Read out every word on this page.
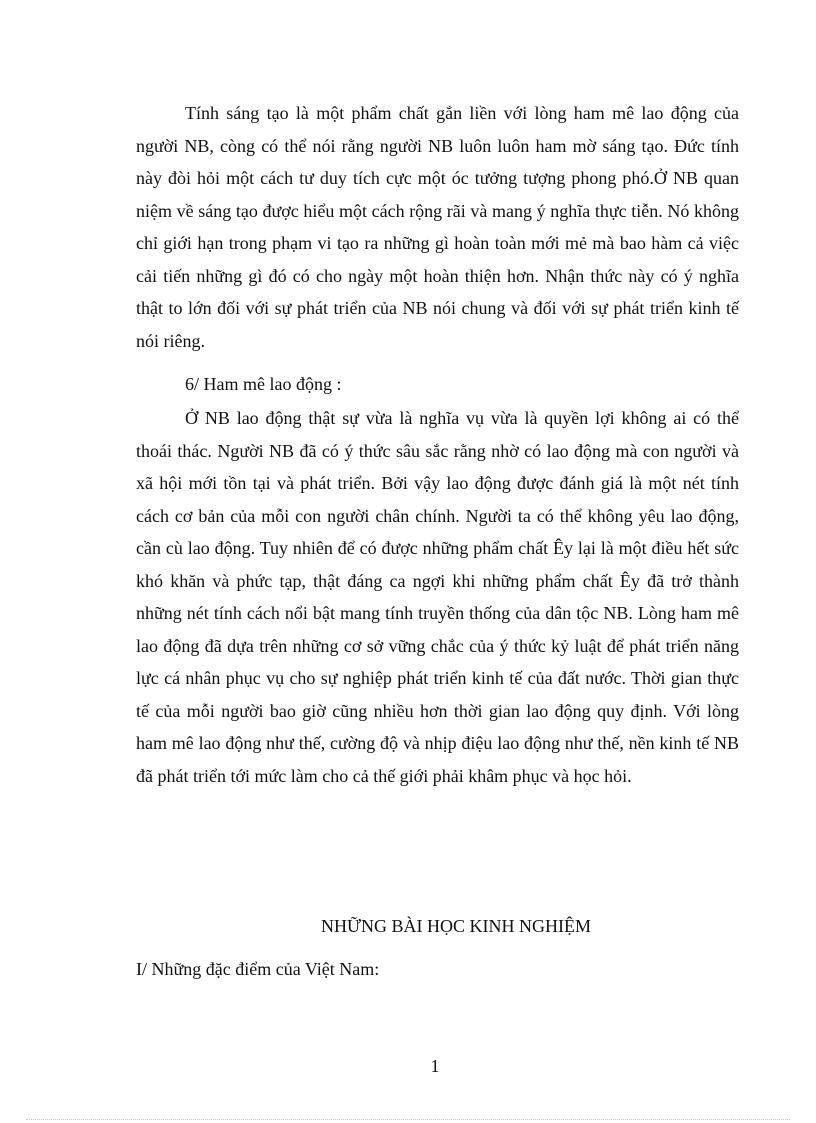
Tính sáng tạo là một phẩm chất gắn liền với lòng ham mê lao động của người NB, còng có thể nói rằng người NB luôn luôn ham mờ sáng tạo. Đức tính này đòi hỏi một cách tư duy tích cực một óc tưởng tượng phong phó.Ở NB quan niệm về sáng tạo được hiểu một cách rộng rãi và mang ý nghĩa thực tiễn. Nó không chỉ giới hạn trong phạm vi tạo ra những gì hoàn toàn mới mẻ mà bao hàm cả việc cải tiến những gì đó có cho ngày một hoàn thiện hơn. Nhận thức này có ý nghĩa thật to lớn đối với sự phát triển của NB nói chung và đối với sự phát triển kinh tế nói riêng.

6/ Ham mê lao động :

Ở NB lao động thật sự vừa là nghĩa vụ vừa là quyền lợi không ai có thể thoái thác. Người NB đã có ý thức sâu sắc rằng nhờ có lao động mà con người và xã hội mới tồn tại và phát triển. Bởi vậy lao động được đánh giá là một nét tính cách cơ bản của mỗi con người chân chính. Người ta có thể không yêu lao động, cần cù lao động. Tuy nhiên để có được những phẩm chất Êy lại là một điều hết sức khó khăn và phức tạp, thật đáng ca ngợi khi những phẩm chất Êy đã trở thành những nét tính cách nổi bật mang tính truyền thống của dân tộc NB. Lòng ham mê lao động đã dựa trên những cơ sở vững chắc của ý thức kỷ luật để phát triển năng lực cá nhân phục vụ cho sự nghiệp phát triển kinh tế của đất nước. Thời gian thực tế của mỗi người bao giờ cũng nhiều hơn thời gian lao động quy định. Với lòng ham mê lao động như thế, cường độ và nhịp điệu lao động như thế, nền kinh tế NB đã phát triển tới mức làm cho cả thế giới phải khâm phục và học hỏi.

NHỮNG BÀI HỌC KINH NGHIỆM

I/ Những đặc điểm của Việt Nam:

1
